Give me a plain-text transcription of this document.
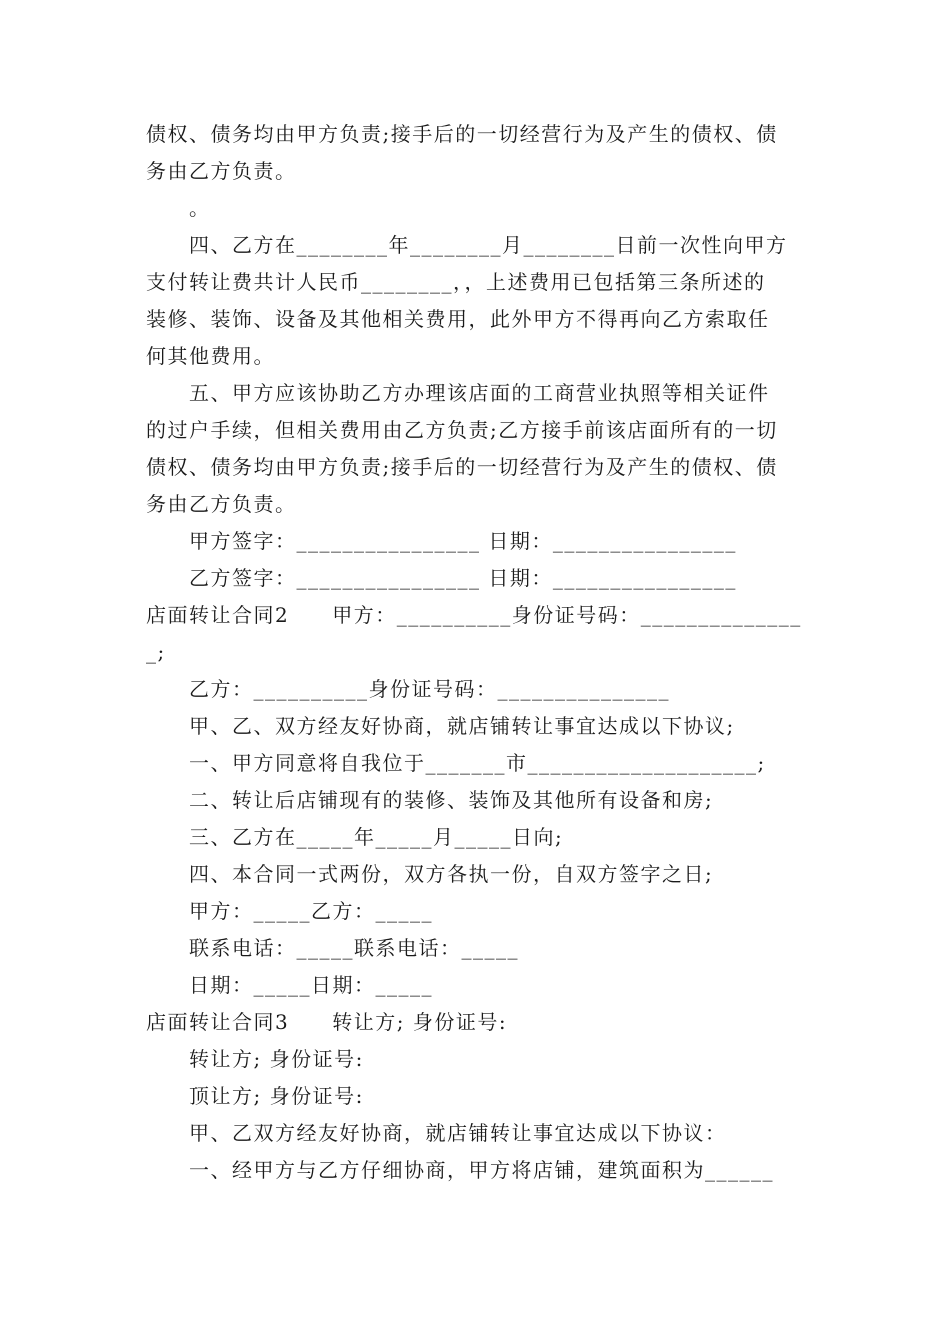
债权、债务均由甲方负责;接手后的一切经营行为及产生的债权、债
务由乙方负责。
。
四、乙方在________年________月________日前一次性向甲方
支付转让费共计人民币________，，上述费用已包括第三条所述的
装修、装饰、设备及其他相关费用，此外甲方不得再向乙方索取任
何其他费用。
五、甲方应该协助乙方办理该店面的工商营业执照等相关证件
的过户手续，但相关费用由乙方负责;乙方接手前该店面所有的一切
债权、债务均由甲方负责;接手后的一切经营行为及产生的债权、债
务由乙方负责。
甲方签字：________________ 日期：________________
乙方签字：________________ 日期：________________
店面转让合同2　　甲方：__________身份证号码：______________
_;
乙方：__________身份证号码：_______________
甲、乙、双方经友好协商，就店铺转让事宜达成以下协议;
一、甲方同意将自我位于_______市____________________;
二、转让后店铺现有的装修、装饰及其他所有设备和房;
三、乙方在_____年_____月_____日向;
四、本合同一式两份，双方各执一份，自双方签字之日;
甲方：_____乙方：_____
联系电话：_____联系电话：_____
日期：_____日期：_____
店面转让合同3　　转让方; 身份证号:
转让方; 身份证号:
顶让方; 身份证号:
甲、乙双方经友好协商，就店铺转让事宜达成以下协议：
一、经甲方与乙方仔细协商，甲方将店铺，建筑面积为______
